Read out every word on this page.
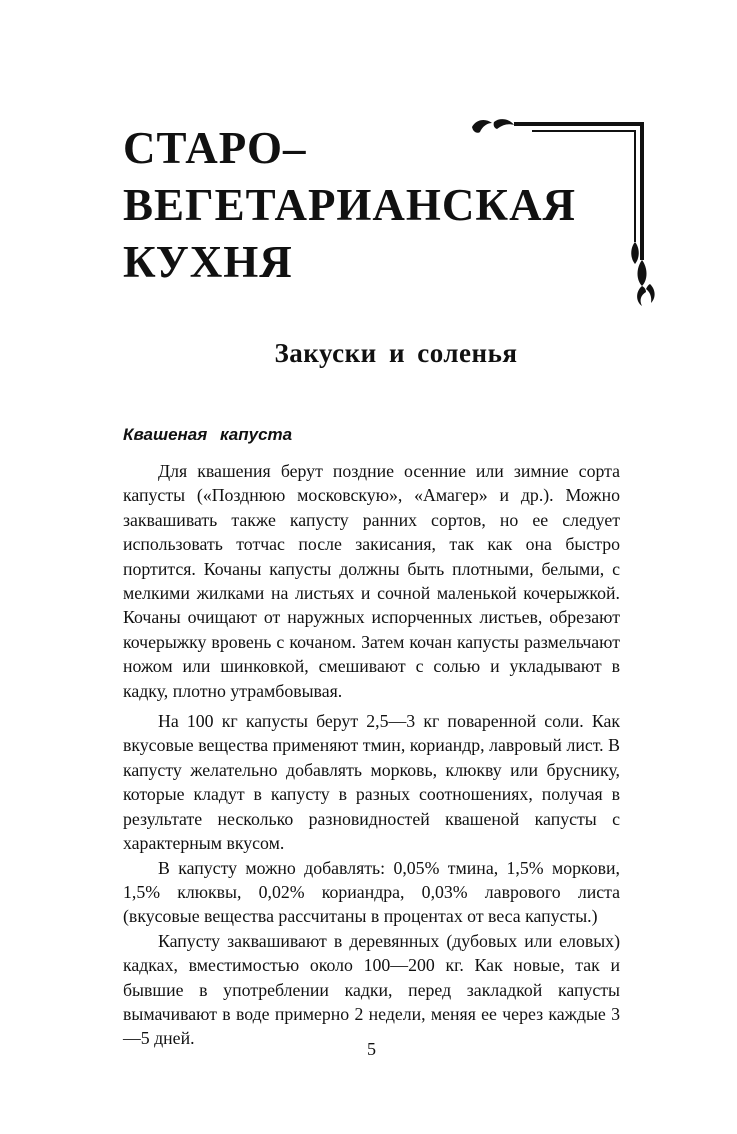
СТАРО–
ВЕГЕТАРИАНСКАЯ
КУХНЯ
Закуски и соленья
Квашеная капуста

Для квашения берут поздние осенние или зимние сорта капусты («Позднюю московскую», «Амагер» и др.). Можно заквашивать также капусту ранних сортов, но ее следует использовать тотчас после закисания, так как она быстро портится. Кочаны капусты должны быть плотными, белыми, с мелкими жилками на листьях и сочной маленькой кочерыжкой. Кочаны очищают от наружных испорченных листьев, обрезают кочерыжку вровень с кочаном. Затем кочан капусты размельчают ножом или шинковкой, смешивают с солью и укладывают в кадку, плотно утрамбовывая.

На 100 кг капусты берут 2,5—3 кг поваренной соли. Как вкусовые вещества применяют тмин, кориандр, лавровый лист. В капусту желательно добавлять морковь, клюкву или бруснику, которые кладут в капусту в разных соотношениях, получая в результате несколько разновидностей квашеной капусты с характерным вкусом.

В капусту можно добавлять: 0,05% тмина, 1,5% моркови, 1,5% клюквы, 0,02% кориандра, 0,03% лаврового листа (вкусовые вещества рассчитаны в процентах от веса капусты.)

Капусту заквашивают в деревянных (дубовых или еловых) кадках, вместимостью около 100—200 кг. Как новые, так и бывшие в употреблении кадки, перед закладкой капусты вымачивают в воде примерно 2 недели, меняя ее через каждые 3—5 дней.

5
